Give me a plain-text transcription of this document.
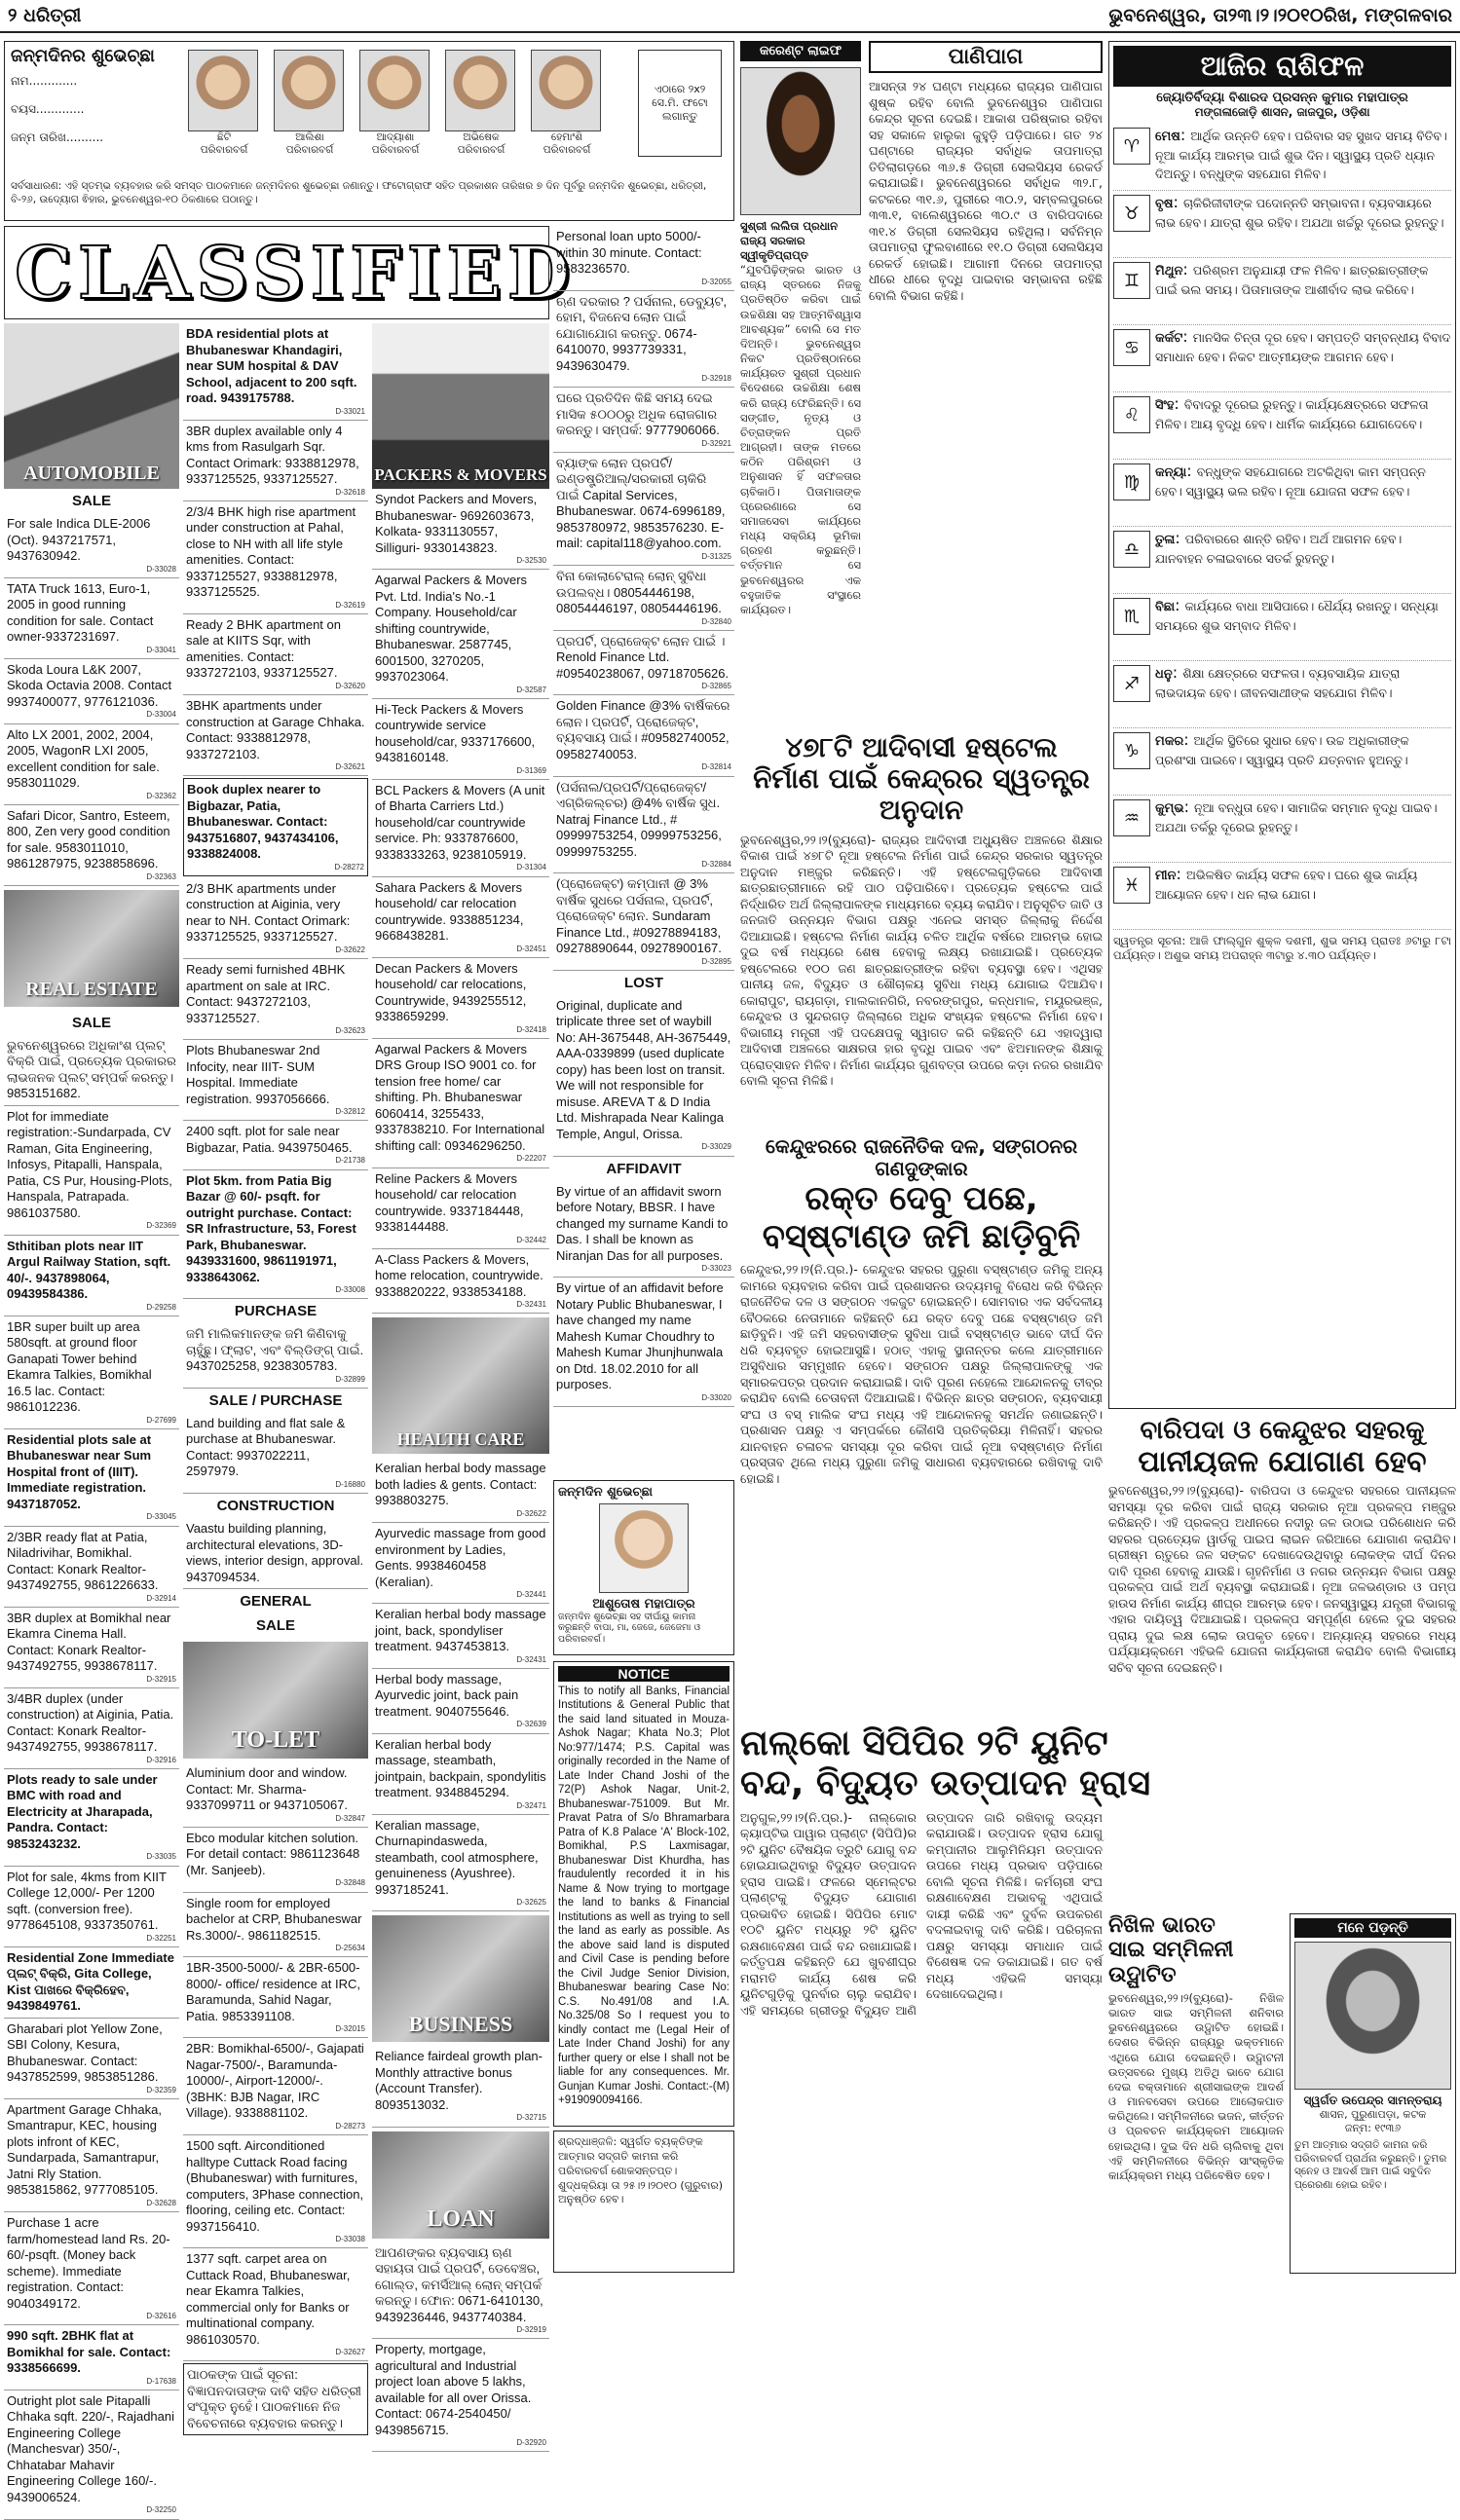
୨ ଧରିତ୍ରୀ	ଭୁବନେଶ୍ୱର, ତା୨୩।୨।୨୦୧୦ରିଖ, ମଙ୍ଗଳବାର
ଜନ୍ମଦିନର ଶୁଭେଚ୍ଛା
ନାମ.............
ବୟସ.............
ଜନ୍ମ ତାରିଖ..........	ଛିଟି
ପରିବାରବର୍ଗ
ଆଲିଶା
ପରିବାରବର୍ଗ
ଆଦ୍ୟାଶା
ପରିବାରବର୍ଗ
ଅଭିଷେକ
ପରିବାରବର୍ଗ
ହେମାଂଶି
ପରିବାରବର୍ଗ
ଏଠାରେ ୨x୨ ସେ.ମି. ଫଟୋ ଲଗାନ୍ତୁ
ସର୍ବସାଧାରଣ: ଏହି ସ୍ତମ୍ଭ ବ୍ୟବହାର କରି ସମସ୍ତ ପାଠକମାନେ ଜନ୍ମଦିନର ଶୁଭେଚ୍ଛା ଜଣାନ୍ତୁ। ଫଟୋଗ୍ରାଫ ସହିତ ପ୍ରକାଶନ ତାରିଖର ୭ ଦିନ ପୂର୍ବରୁ ଜନ୍ମଦିନ ଶୁଭେଚ୍ଛା, ଧରିତ୍ରୀ, ବି-୨୬, ଉଦ୍ୟୋଗ ଵିହାର, ଭୁବନେଶ୍ୱର-୧୦ ଠିକଣାରେ ପଠାନ୍ତୁ।
CLASSIFIED
AUTOMOBILE
SALE
For sale Indica DLE-2006 (Oct). 9437217571, 9437630942.
D-33028
TATA Truck 1613, Euro-1, 2005 in good running condition for sale. Contact owner-9337231697.
D-33041
Skoda Loura L&K 2007, Skoda Octavia 2008. Contact 9937400077, 9776121036.
D-33004
Alto LX 2001, 2002, 2004, 2005, WagonR LXI 2005, excellent condition for sale. 9583011029.
D-32362
Safari Dicor, Santro, Esteem, 800, Zen very good condition for sale. 9583011010, 9861287975, 9238858696.
D-32363
REAL ESTATE
SALE
ଭୁବନେଶ୍ୱରରେ ଅଧିକାଂଶ ପ୍ଲଟ୍ ବିକ୍ରି ପାଇଁ, ପ୍ରତ୍ୟେକ ପ୍ରକାରର ଲାଭଜନକ ପ୍ଲଟ୍ ସମ୍ପର୍କ କରନ୍ତୁ। 9853151682.
Plot for immediate registration:-Sundarpada, CV Raman, Gita Engineering, Infosys, Pitapalli, Hanspala, Patia, CS Pur, Housing-Plots, Hanspala, Patrapada. 9861037580.
D-32369
Sthitiban plots near IIT Argul Railway Station, sqft. 40/-. 9437898064, 09439584386.
D-29258
1BR super built up area 580sqft. at ground floor Ganapati Tower behind Ekamra Talkies, Bomikhal 16.5 lac. Contact: 9861012236.
D-27699
Residential plots sale at Bhubaneswar near Sum Hospital front of (IIIT). Immediate registration. 9437187052.
D-33045
2/3BR ready flat at Patia, Niladrivihar, Bomikhal. Contact: Konark Realtor-9437492755, 9861226633.
D-32914
3BR duplex at Bomikhal near Ekamra Cinema Hall. Contact: Konark Realtor-9437492755, 9938678117.
D-32915
3/4BR duplex (under construction) at Aiginia, Patia. Contact: Konark Realtor-9437492755, 9938678117.
D-32916
Plots ready to sale under BMC with road and Electricity at Jharapada, Pandra. Contact: 9853243232.
D-33035
Plot for sale, 4kms from KIIT College 12,000/- Per 1200 sqft. (conversion free). 9778645108, 9337350761.
D-32251
Residential Zone Immediate ପ୍ଲଟ୍ ବିକ୍ରି, Gita College, Kist ପାଖରେ ବିକ୍ରିହେବ, 9439849761.
Gharabari plot Yellow Zone, SBI Colony, Kesura, Bhubaneswar. Contact: 9437852599, 9853851286.
D-32359
Apartment Garage Chhaka, Smantrapur, KEC, housing plots infront of KEC, Sundarpada, Samantrapur, Jatni Rly Station. 9853815862, 9777085105.
D-32628
Purchase 1 acre farm/homestead land Rs. 20-60/-psqft. (Money back scheme). Immediate registration. Contact: 9040349172.
D-32616
990 sqft. 2BHK flat at Bomikhal for sale. Contact: 9338566699.
D-17638
Outright plot sale Pitapalli Chhaka sqft. 220/-, Rajadhani Engineering College (Manchesvar) 350/-, Chhatabar Mahavir Engineering College 160/-. 9439006524.
D-32250
BDA residential plots at Bhubaneswar Khandagiri, near SUM hospital & DAV School, adjacent to 200 sqft. road. 9439175788.
D-33021
3BR duplex available only 4 kms from Rasulgarh Sqr. Contact Orimark: 9338812978, 9337125525, 9337125527.
D-32618
2/3/4 BHK high rise apartment under construction at Pahal, close to NH with all life style amenities. Contact: 9337125527, 9338812978, 9337125525.
D-32619
Ready 2 BHK apartment on sale at KIITS Sqr, with amenities. Contact: 9337272103, 9337125527.
D-32620
3BHK apartments under construction at Garage Chhaka. Contact: 9338812978, 9337272103.
D-32621
Book duplex nearer to Bigbazar, Patia, Bhubaneswar. Contact: 9437516807, 9437434106, 9338824008.
D-28272
2/3 BHK apartments under construction at Aiginia, very near to NH. Contact Orimark: 9337125525, 9337125527.
D-32622
Ready semi furnished 4BHK apartment on sale at IRC. Contact: 9437272103, 9337125527.
D-32623
Plots Bhubaneswar 2nd Infocity, near IIIT- SUM Hospital. Immediate registration. 9937056666.
D-32812
2400 sqft. plot for sale near Bigbazar, Patia. 9439750465.
D-21738
Plot 5km. from Patia Big Bazar @ 60/- psqft. for outright purchase. Contact: SR Infrastructure, 53, Forest Park, Bhubaneswar. 9439331600, 9861191971, 9338643062.
D-33008
PURCHASE
ଜମି ମାଲିକମାନଙ୍କ ଜମି କିଣିବାକୁ ଚାହୁଁଛୁ। ଫ୍ଲାଟ, ଏବଂ ବିଲ୍ଡିଙ୍ଗ୍ ପାଇଁ. 9437025258, 9238305783.
D-32899
SALE / PURCHASE
Land building and flat sale & purchase at Bhubaneswar. Contact: 9937022211, 2597979.
D-16880
CONSTRUCTION
Vaastu building planning, architectural elevations, 3D-views, interior design, approval. 9437094534.
GENERAL
SALE
TO-LET
Aluminium door and window. Contact: Mr. Sharma-9337099711 or 9437105067.
D-32847
Ebco modular kitchen solution. For detail contact: 9861123648 (Mr. Sanjeeb).
D-32848
Single room for employed bachelor at CRP, Bhubaneswar Rs.3000/-. 9861182515.
D-25634
1BR-3500-5000/- & 2BR-6500-8000/- office/ residence at IRC, Baramunda, Sahid Nagar, Patia. 9853391108.
D-32015
2BR: Bomikhal-6500/-, Gajapati Nagar-7500/-, Baramunda-10000/-, Airport-12000/-. (3BHK: BJB Nagar, IRC Village). 9338881102.
D-28273
1500 sqft. Airconditioned halltype Cuttack Road facing (Bhubaneswar) with furnitures, computers, 3Phase connection, flooring, ceiling etc. Contact: 9937156410.
D-33038
1377 sqft. carpet area on Cuttack Road, Bhubaneswar, near Ekamra Talkies, commercial only for Banks or multinational company. 9861030570.
D-32627
ପାଠକଙ୍କ ପାଇଁ ସୂଚନା: ବିଜ୍ଞାପନଦାତାଙ୍କ ଦାବି ସହିତ ଧରିତ୍ରୀ ସଂପୃକ୍ତ ନୁହେଁ। ପାଠକମାନେ ନିଜ ବିବେଚନାରେ ବ୍ୟବହାର କରନ୍ତୁ।
PACKERS & MOVERS
Syndot Packers and Movers, Bhubaneswar- 9692603673, Kolkata- 9331130557, Silliguri- 9330143823.
D-32530
Agarwal Packers & Movers Pvt. Ltd. India's No.-1 Company. Household/car shifting countrywide, Bhubaneswar. 2587745, 6001500, 3270205, 9937023064.
D-32587
Hi-Teck Packers & Movers countrywide service household/car, 9337176600, 9438160148.
D-31369
BCL Packers & Movers (A unit of Bharta Carriers Ltd.) household/car countrywide service. Ph: 9337876600, 9338333263, 9238105919.
D-31304
Sahara Packers & Movers household/ car relocation countrywide. 9338851234, 9668438281.
D-32451
Decan Packers & Movers household/ car relocations, Countrywide, 9439255512, 9338659299.
D-32418
Agarwal Packers & Movers DRS Group ISO 9001 co. for tension free home/ car shifting. Ph. Bhubaneswar 6060414, 3255433, 9337838210. For International shifting call: 09346296250.
D-22207
Reline Packers & Movers household/ car relocation countrywide. 9337184448, 9338144488.
D-32442
A-Class Packers & Movers, home relocation, countrywide. 9338820222, 9338534188.
D-32431
HEALTH CARE
Keralian herbal body massage both ladies & gents. Contact: 9938803275.
D-32622
Ayurvedic massage from good environment by Ladies, Gents. 9938460458 (Keralian).
D-32441
Keralian herbal body massage joint, back, spondyliser treatment. 9437453813.
D-32431
Herbal body massage, Ayurvedic joint, back pain treatment. 9040755646.
D-32639
Keralian herbal body massage, steambath, jointpain, backpain, spondylitis treatment. 9348845294.
D-32471
Keralian massage, Churnapindasweda, steambath, cool atmosphere, genuineness (Ayushree). 9937185241.
D-32625
BUSINESS
Reliance fairdeal growth plan-Monthly attractive bonus (Account Transfer). 8093513032.
D-32715
LOAN
ଆପଣଙ୍କର ବ୍ୟବସାୟ ଋଣ ସହାୟତା ପାଇଁ ପ୍ରପର୍ଟି, ଡେବେଞ୍ଚର, ଗୋଲ୍ଡ, କମର୍ସିଆଲ୍ ଲୋନ୍ ସମ୍ପର୍କ କରନ୍ତୁ। ଫୋନ: 0671-6410130, 9439236446, 9437740384.
D-32919
Property, mortgage, agricultural and Industrial project loan above 5 lakhs, available for all over Orissa. Contact: 0674-2540450/ 9439856715.
D-32920
Personal loan upto 5000/- within 30 minute. Contact: 9583236570.
D-32055
ଋଣ ଦରକାର ? ପର୍ସନାଲ, ଡେବ୍ୟୁଟ, ହୋମ, ବିଜନେସ ଲୋନ ପାଇଁ ଯୋଗାଯୋଗ କରନ୍ତୁ. 0674-6410070, 9937739331, 9439630479.
D-32918
ଘରେ ପ୍ରତିଦିନ କିଛି ସମୟ ଦେଇ ମାସିକ ୫୦୦୦ରୁ ଅଧିକ ରୋଜଗାର କରନ୍ତୁ। ସମ୍ପର୍କ: 9777906066.
D-32921
ବ୍ୟାଙ୍କ ଲୋନ ପ୍ରପର୍ଟି/ଇଣ୍ଡଷ୍ଟ୍ରିଆଲ୍/ସରକାରୀ ଚାକିରି ପାଇଁ Capital Services, Bhubaneswar. 0674-6996189, 9853780972, 9853576230. E-mail: capital118@yahoo.com.
D-31325
ବିନା କୋଲାଟେରାଲ୍ ଲୋନ୍ ସୁବିଧା ଉପଲବ୍ଧ। 08054446198, 08054446197, 08054446196.
D-32840
ପ୍ରପର୍ଟି, ପ୍ରୋଜେକ୍ଟ ଲୋନ ପାଇଁ । Renold Finance Ltd. #09540238067, 09718705626.
D-32865
Golden Finance @3% ବାର୍ଷିକରେ ଲୋନ। ପ୍ରପର୍ଟି, ପ୍ରୋଜେକ୍ଟ, ବ୍ୟବସାୟ ପାଇଁ। #09582740052, 09582740053.
D-32814
(ପର୍ସନାଲ/ପ୍ରପର୍ଟି/ପ୍ରୋଜେକ୍ଟ/ଏଗ୍ରିକଲ୍ଚର) @4% ବାର୍ଷିକ ସୁଧ. Natraj Finance Ltd., # 09999753254, 09999753256, 09999753255.
D-32884
(ପ୍ରୋଜେକ୍ଟ) କମ୍ପାନୀ @ 3% ବାର୍ଷିକ ସୁଧରେ ପର୍ସନାଲ, ପ୍ରପର୍ଟି, ପ୍ରୋଜେକ୍ଟ ଲୋନ. Sundaram Finance Ltd., #09278894183, 09278890644, 09278900167.
D-32895
LOST
Original, duplicate and triplicate three set of waybill No: AH-3675448, AH-3675449, AAA-0339899 (used duplicate copy) has been lost on transit. We will not responsible for misuse. AREVA T & D India Ltd. Mishrapada Near Kalinga Temple, Angul, Orissa.
D-33029
AFFIDAVIT
By virtue of an affidavit sworn before Notary, BBSR. I have changed my surname Kandi to Das. I shall be known as Niranjan Das for all purposes.
D-33023
By virtue of an affidavit before Notary Public Bhubaneswar, I have changed my name Mahesh Kumar Choudhry to Mahesh Kumar Jhunjhunwala on Dtd. 18.02.2010 for all purposes.
D-33020
ଜନ୍ମଦିନ ଶୁଭେଚ୍ଛା
ଆଶୁତୋଷ ମହାପାତ୍ର
ଜନ୍ମଦିନ ଶୁଭେଚ୍ଛା ସହ ଦୀର୍ଘାୟୁ କାମନା କରୁଛନ୍ତି ବାପା, ମା, ଜେଜେ, ଜେଜେମା ଓ ପରିବାରବର୍ଗ।
NOTICE
This to notify all Banks, Financial Institutions & General Public that the said land situated in Mouza-Ashok Nagar; Khata No.3; Plot No:977/1474; P.S. Capital was originally recorded in the Name of Late Inder Chand Joshi of the 72(P) Ashok Nagar, Unit-2, Bhubaneswar-751009. But Mr. Pravat Patra of S/o Bhramarbara Patra of K.8 Palace 'A' Block-102, Bomikhal, P.S Laxmisagar, Bhubaneswar Dist Khurdha, has fraudulently recorded it in his Name & Now trying to mortgage the land to banks & Financial Institutions as well as trying to sell the land as early as possible. As the above said land is disputed and Civil Case is pending before the Civil Judge Senior Division, Bhubaneswar bearing Case No: C.S. No.491/08 and I.A. No.325/08 So I request you to kindly contact me (Legal Heir of Late Inder Chand Joshi) for any further query or else I shall not be liable for any consequences. Mr. Gunjan Kumar Joshi. Contact:-(M) +919090094166.
ଶ୍ରଦ୍ଧାଞ୍ଜଳି: ସ୍ୱର୍ଗତ ବ୍ୟକ୍ତିଙ୍କ ଆତ୍ମାର ସଦ୍ଗତି କାମନା କରି ପରିବାରବର୍ଗ ଶୋକସନ୍ତପ୍ତ। ଶୁଦ୍ଧକ୍ରିୟା ତା ୨୫।୨।୨୦୧୦ (ଗୁରୁବାର) ଅନୁଷ୍ଠିତ ହେବ।
କରେଣ୍ଟ ଲାଇଫ
ସୁଶ୍ରୀ ଲଲିତା ପ୍ରଧାନ ରାଜ୍ୟ ସରକାର ସ୍ୱୀକୃତିପ୍ରାପ୍ତ
“ଯୁବପିଢ଼ିଙ୍କର ଭାରତ ଓ ରାଜ୍ୟ ସ୍ତରରେ ନିଜକୁ ପ୍ରତିଷ୍ଠିତ କରିବା ପାଇଁ ଉଚ୍ଚଶିକ୍ଷା ସହ ଆତ୍ମବିଶ୍ୱାସ ଆବଶ୍ୟକ” ବୋଲି ସେ ମତ ଦିଅନ୍ତି। ଭୁବନେଶ୍ୱର ନିକଟ ପ୍ରତିଷ୍ଠାନରେ କାର୍ଯ୍ୟରତ ସୁଶ୍ରୀ ପ୍ରଧାନ ବିଦେଶରେ ଉଚ୍ଚଶିକ୍ଷା ଶେଷ କରି ରାଜ୍ୟ ଫେରିଛନ୍ତି। ସେ ସଙ୍ଗୀତ, ନୃତ୍ୟ ଓ ଚିତ୍ରାଙ୍କନ ପ୍ରତି ଆଗ୍ରହୀ। ତାଙ୍କ ମତରେ କଠିନ ପରିଶ୍ରମ ଓ ଅନୁଶାସନ ହିଁ ସଫଳତାର ଚାବିକାଠି। ପିତାମାତାଙ୍କ ପ୍ରେରଣାରେ ସେ ସମାଜସେବା କାର୍ଯ୍ୟରେ ମଧ୍ୟ ସକ୍ରିୟ ଭୂମିକା ଗ୍ରହଣ କରୁଛନ୍ତି। ବର୍ତ୍ତମାନ ସେ ଭୁବନେଶ୍ୱରର ଏକ ବହୁଜାତିକ ସଂସ୍ଥାରେ କାର୍ଯ୍ୟରତ।
ପାଣିପାଗ
ଆସନ୍ତା ୨୪ ଘଣ୍ଟା ମଧ୍ୟରେ ରାଜ୍ୟର ପାଣିପାଗ ଶୁଷ୍କ ରହିବ ବୋଲି ଭୁବନେଶ୍ୱର ପାଣିପାଗ କେନ୍ଦ୍ର ସୂଚନା ଦେଇଛି। ଆକାଶ ପରିଷ୍କାର ରହିବା ସହ ସକାଳେ ହାଲୁକା କୁହୁଡ଼ି ପଡ଼ିପାରେ। ଗତ ୨୪ ଘଣ୍ଟାରେ ରାଜ୍ୟର ସର୍ବାଧିକ ତାପମାତ୍ରା ତିତିଲାଗଡ଼ରେ ୩୬.୫ ଡିଗ୍ରୀ ସେଲସିୟସ ରେକର୍ଡ କରାଯାଇଛି। ଭୁବନେଶ୍ୱରରେ ସର୍ବାଧିକ ୩୨.୮, କଟକରେ ୩୧.୬, ପୁରୀରେ ୩୦.୨, ସମ୍ବଲପୁରରେ ୩୩.୧, ବାଲେଶ୍ୱରରେ ୩୦.୯ ଓ ବାରିପଦାରେ ୩୧.୪ ଡିଗ୍ରୀ ସେଲସିୟସ ରହିଥିଲା। ସର୍ବନିମ୍ନ ତାପମାତ୍ରା ଫୁଲବାଣୀରେ ୧୧.୦ ଡିଗ୍ରୀ ସେଲସିୟସ ରେକର୍ଡ ହୋଇଛି। ଆଗାମୀ ଦିନରେ ତାପମାତ୍ରା ଧୀରେ ଧୀରେ ବୃଦ୍ଧି ପାଇବାର ସମ୍ଭାବନା ରହିଛି ବୋଲି ବିଭାଗ କହିଛି।
୪୭୮ଟି ଆଦିବାସୀ ହଷ୍ଟେଲ
ନିର୍ମାଣ ପାଇଁ କେନ୍ଦ୍ରର ସ୍ୱତନ୍ତ୍ର ଅନୁଦାନ
ଭୁବନେଶ୍ୱର,୨୨।୨(ବ୍ୟୁରୋ)- ରାଜ୍ୟର ଆଦିବାସୀ ଅଧ୍ୟୁଷିତ ଅଞ୍ଚଳରେ ଶିକ୍ଷାର ବିକାଶ ପାଇଁ ୪୭୮ଟି ନୂଆ ହଷ୍ଟେଲ ନିର୍ମାଣ ପାଇଁ କେନ୍ଦ୍ର ସରକାର ସ୍ୱତନ୍ତ୍ର ଅନୁଦାନ ମଞ୍ଜୁର କରିଛନ୍ତି। ଏହି ହଷ୍ଟେଲଗୁଡ଼ିକରେ ଆଦିବାସୀ ଛାତ୍ରଛାତ୍ରୀମାନେ ରହି ପାଠ ପଢ଼ିପାରିବେ। ପ୍ରତ୍ୟେକ ହଷ୍ଟେଲ ପାଇଁ ନିର୍ଦ୍ଧାରିତ ଅର୍ଥ ଜିଲ୍ଲାପାଳଙ୍କ ମାଧ୍ୟମରେ ବ୍ୟୟ କରାଯିବ। ଅନୁସୂଚିତ ଜାତି ଓ ଜନଜାତି ଉନ୍ନୟନ ବିଭାଗ ପକ୍ଷରୁ ଏନେଇ ସମସ୍ତ ଜିଲ୍ଲାକୁ ନିର୍ଦ୍ଦେଶ ଦିଆଯାଇଛି। ହଷ୍ଟେଲ ନିର୍ମାଣ କାର୍ଯ୍ୟ ଚଳିତ ଆର୍ଥିକ ବର୍ଷରେ ଆରମ୍ଭ ହୋଇ ଦୁଇ ବର୍ଷ ମଧ୍ୟରେ ଶେଷ ହେବାକୁ ଲକ୍ଷ୍ୟ ରଖାଯାଇଛି। ପ୍ରତ୍ୟେକ ହଷ୍ଟେଲରେ ୧୦୦ ଜଣ ଛାତ୍ରଛାତ୍ରୀଙ୍କ ରହିବା ବ୍ୟବସ୍ଥା ହେବ। ଏଥିସହ ପାନୀୟ ଜଳ, ବିଦ୍ୟୁତ ଓ ଶୌଚାଳୟ ସୁବିଧା ମଧ୍ୟ ଯୋଗାଇ ଦିଆଯିବ। କୋରାପୁଟ, ରାୟଗଡ଼ା, ମାଲକାନଗିରି, ନବରଙ୍ଗପୁର, କନ୍ଧମାଳ, ମୟୂରଭଞ୍ଜ, କେନ୍ଦୁଝର ଓ ସୁନ୍ଦରଗଡ଼ ଜିଲ୍ଲାରେ ଅଧିକ ସଂଖ୍ୟକ ହଷ୍ଟେଲ ନିର୍ମାଣ ହେବ। ବିଭାଗୀୟ ମନ୍ତ୍ରୀ ଏହି ପଦକ୍ଷେପକୁ ସ୍ୱାଗତ କରି କହିଛନ୍ତି ଯେ ଏହାଦ୍ୱାରା ଆଦିବାସୀ ଅଞ୍ଚଳରେ ସାକ୍ଷରତା ହାର ବୃଦ୍ଧି ପାଇବ ଏବଂ ଝିଅମାନଙ୍କ ଶିକ୍ଷାକୁ ପ୍ରୋତ୍ସାହନ ମିଳିବ। ନିର୍ମାଣ କାର୍ଯ୍ୟର ଗୁଣବତ୍ତା ଉପରେ କଡ଼ା ନଜର ରଖାଯିବ ବୋଲି ସୂଚନା ମିଳିଛି।
କେନ୍ଦୁଝରରେ ରାଜନୈତିକ ଦଳ, ସଙ୍ଗଠନର ଗଣଦୁଙ୍କାର
ରକ୍ତ ଦେବୁ ପଛେ,
ବସ୍ଷ୍ଟାଣ୍ଡ ଜମି ଛାଡ଼ିବୁନି
କେନ୍ଦୁଝର,୨୨।୨(ନି.ପ୍ର.)- କେନ୍ଦୁଝର ସହରର ପୁରୁଣା ବସ୍ଷ୍ଟାଣ୍ଡ ଜମିକୁ ଅନ୍ୟ କାମରେ ବ୍ୟବହାର କରିବା ପାଇଁ ପ୍ରଶାସନର ଉଦ୍ୟମକୁ ବିରୋଧ କରି ବିଭିନ୍ନ ରାଜନୈତିକ ଦଳ ଓ ସଙ୍ଗଠନ ଏକଜୁଟ ହୋଇଛନ୍ତି। ସୋମବାର ଏକ ସର୍ବଦଳୀୟ ବୈଠକରେ ନେତାମାନେ କହିଛନ୍ତି ଯେ ରକ୍ତ ଦେବୁ ପଛେ ବସ୍ଷ୍ଟାଣ୍ଡ ଜମି ଛାଡ଼ିବୁନି। ଏହି ଜମି ସହରବାସୀଙ୍କ ସୁବିଧା ପାଇଁ ବସ୍ଷ୍ଟାଣ୍ଡ ଭାବେ ଦୀର୍ଘ ଦିନ ଧରି ବ୍ୟବହୃତ ହୋଇଆସୁଛି। ହଠାତ୍ ଏହାକୁ ସ୍ଥାନାନ୍ତର କଲେ ଯାତ୍ରୀମାନେ ଅସୁବିଧାର ସମ୍ମୁଖୀନ ହେବେ। ସଙ୍ଗଠନ ପକ୍ଷରୁ ଜିଲ୍ଲାପାଳଙ୍କୁ ଏକ ସ୍ମାରକପତ୍ର ପ୍ରଦାନ କରାଯାଇଛି। ଦାବି ପୂରଣ ନହେଲେ ଆନ୍ଦୋଳନକୁ ତୀବ୍ର କରାଯିବ ବୋଲି ଚେତାବନୀ ଦିଆଯାଇଛି। ବିଭିନ୍ନ ଛାତ୍ର ସଙ୍ଗଠନ, ବ୍ୟବସାୟୀ ସଂଘ ଓ ବସ୍ ମାଲିକ ସଂଘ ମଧ୍ୟ ଏହି ଆନ୍ଦୋଳନକୁ ସମର୍ଥନ ଜଣାଇଛନ୍ତି। ପ୍ରଶାସନ ପକ୍ଷରୁ ଏ ସମ୍ପର୍କରେ କୌଣସି ପ୍ରତିକ୍ରିୟା ମିଳିନାହିଁ। ସହରର ଯାନବାହନ ଚଳାଚଳ ସମସ୍ୟା ଦୂର କରିବା ପାଇଁ ନୂଆ ବସ୍ଷ୍ଟାଣ୍ଡ ନିର୍ମାଣ ପ୍ରସ୍ତାବ ଥିଲେ ମଧ୍ୟ ପୁରୁଣା ଜମିକୁ ସାଧାରଣ ବ୍ୟବହାରରେ ରଖିବାକୁ ଦାବି ହୋଇଛି।
ନାଲ୍କୋ ସିପିପିର ୨ଟି ୟୁନିଟ
ବନ୍ଦ, ବିଦ୍ୟୁତ ଉତ୍ପାଦନ ହ୍ରାସ
ଅନୁଗୁଳ,୨୨।୨(ନି.ପ୍ର.)- ନାଲ୍କୋର କ୍ୟାପ୍ଟିଭ ପାୱାର ପ୍ଲାଣ୍ଟ (ସିପିପି)ର ୨ଟି ୟୁନିଟ ବୈଷୟିକ ତ୍ରୁଟି ଯୋଗୁ ବନ୍ଦ ହୋଇଯାଇଥିବାରୁ ବିଦ୍ୟୁତ ଉତ୍ପାଦନ ହ୍ରାସ ପାଇଛି। ଫଳରେ ସ୍ମେଲ୍ଟର ପ୍ଲାଣ୍ଟକୁ ବିଦ୍ୟୁତ ଯୋଗାଣ ପ୍ରଭାବିତ ହୋଇଛି। ସିପିପିର ମୋଟ ୧୦ଟି ୟୁନିଟ ମଧ୍ୟରୁ ୨ଟି ୟୁନିଟ ରକ୍ଷଣାବେକ୍ଷଣ ପାଇଁ ବନ୍ଦ ରଖାଯାଇଛି। କର୍ତ୍ତୃପକ୍ଷ କହିଛନ୍ତି ଯେ ଖୁବଶୀଘ୍ର ମରାମତି କାର୍ଯ୍ୟ ଶେଷ କରି ୟୁନିଟଗୁଡ଼ିକୁ ପୁନର୍ବାର ଚାଲୁ କରାଯିବ। ଏହି ସମୟରେ ଗ୍ରୀଡରୁ ବିଦ୍ୟୁତ ଆଣି ଉତ୍ପାଦନ ଜାରି ରଖିବାକୁ ଉଦ୍ୟମ କରାଯାଉଛି। ଉତ୍ପାଦନ ହ୍ରାସ ଯୋଗୁ କମ୍ପାନୀର ଆଲୁମିନିୟମ ଉତ୍ପାଦନ ଉପରେ ମଧ୍ୟ ପ୍ରଭାବ ପଡ଼ିପାରେ ବୋଲି ସୂଚନା ମିଳିଛି। କର୍ମଚାରୀ ସଂଘ ରକ୍ଷଣାବେକ୍ଷଣ ଅଭାବକୁ ଏଥିପାଇଁ ଦାୟୀ କରିଛି ଏବଂ ଦୁର୍ବଳ ଉପକରଣ ବଦଳାଇବାକୁ ଦାବି କରିଛି। ପରିଚାଳନା ପକ୍ଷରୁ ସମସ୍ୟା ସମାଧାନ ପାଇଁ ବିଶେଷଜ୍ଞ ଦଳ ଡକାଯାଇଛି। ଗତ ବର୍ଷ ମଧ୍ୟ ଏହିଭଳି ସମସ୍ୟା ଦେଖାଦେଇଥିଲା।
ଆଜିର ରାଶିଫଳ
ଜ୍ୟୋତିର୍ବିଦ୍ୟା ବିଶାରଦ ପ୍ରସନ୍ନ କୁମାର ମହାପାତ୍ର
ମଙ୍ଗଳାଜୋଡ଼ି ଶାସନ, ଜାଜପୁର, ଓଡ଼ିଶା
♈	ମେଷ: ଆର୍ଥିକ ଉନ୍ନତି ହେବ। ପରିବାର ସହ ସୁଖଦ ସମୟ ବିତିବ। ନୂଆ କାର୍ଯ୍ୟ ଆରମ୍ଭ ପାଇଁ ଶୁଭ ଦିନ। ସ୍ୱାସ୍ଥ୍ୟ ପ୍ରତି ଧ୍ୟାନ ଦିଅନ୍ତୁ। ବନ୍ଧୁଙ୍କ ସହଯୋଗ ମିଳିବ।
♉	ବୃଷ: ଚାକିରିଜୀବୀଙ୍କ ପଦୋନ୍ନତି ସମ୍ଭାବନା। ବ୍ୟବସାୟରେ ଲାଭ ହେବ। ଯାତ୍ରା ଶୁଭ ରହିବ। ଅଯଥା ଖର୍ଚ୍ଚରୁ ଦୂରେଇ ରୁହନ୍ତୁ।
♊	ମିଥୁନ: ପରିଶ୍ରମ ଅନୁଯାୟୀ ଫଳ ମିଳିବ। ଛାତ୍ରଛାତ୍ରୀଙ୍କ ପାଇଁ ଭଲ ସମୟ। ପିତାମାତାଙ୍କ ଆଶୀର୍ବାଦ ଲାଭ କରିବେ।
♋	କର୍କଟ: ମାନସିକ ଚିନ୍ତା ଦୂର ହେବ। ସମ୍ପତ୍ତି ସମ୍ବନ୍ଧୀୟ ବିବାଦ ସମାଧାନ ହେବ। ନିକଟ ଆତ୍ମୀୟଙ୍କ ଆଗମନ ହେବ।
♌	ସିଂହ: ବିବାଦରୁ ଦୂରେଇ ରୁହନ୍ତୁ। କାର୍ଯ୍ୟକ୍ଷେତ୍ରରେ ସଫଳତା ମିଳିବ। ଆୟ ବୃଦ୍ଧି ହେବ। ଧାର୍ମିକ କାର୍ଯ୍ୟରେ ଯୋଗଦେବେ।
♍	କନ୍ୟା: ବନ୍ଧୁଙ୍କ ସହଯୋଗରେ ଅଟକିଥିବା କାମ ସମ୍ପନ୍ନ ହେବ। ସ୍ୱାସ୍ଥ୍ୟ ଭଲ ରହିବ। ନୂଆ ଯୋଜନା ସଫଳ ହେବ।
♎	ତୁଳା: ପରିବାରରେ ଶାନ୍ତି ରହିବ। ଅର୍ଥ ଆଗମନ ହେବ। ଯାନବାହନ ଚଳାଇବାରେ ସତର୍କ ରୁହନ୍ତୁ।
♏	ବିଛା: କାର୍ଯ୍ୟରେ ବାଧା ଆସିପାରେ। ଧୈର୍ଯ୍ୟ ରଖନ୍ତୁ। ସନ୍ଧ୍ୟା ସମୟରେ ଶୁଭ ସମ୍ବାଦ ମିଳିବ।
♐	ଧନୁ: ଶିକ୍ଷା କ୍ଷେତ୍ରରେ ସଫଳତା। ବ୍ୟବସାୟିକ ଯାତ୍ରା ଲାଭଦାୟକ ହେବ। ଜୀବନସାଥୀଙ୍କ ସହଯୋଗ ମିଳିବ।
♑	ମକର: ଆର୍ଥିକ ସ୍ଥିତିରେ ସୁଧାର ହେବ। ଉଚ୍ଚ ଅଧିକାରୀଙ୍କ ପ୍ରଶଂସା ପାଇବେ। ସ୍ୱାସ୍ଥ୍ୟ ପ୍ରତି ଯତ୍ନବାନ ହୁଅନ୍ତୁ।
♒	କୁମ୍ଭ: ନୂଆ ବନ୍ଧୁତା ହେବ। ସାମାଜିକ ସମ୍ମାନ ବୃଦ୍ଧି ପାଇବ। ଅଯଥା ତର୍କରୁ ଦୂରେଇ ରୁହନ୍ତୁ।
♓	ମୀନ: ଅଭିଳଷିତ କାର୍ଯ୍ୟ ସଫଳ ହେବ। ଘରେ ଶୁଭ କାର୍ଯ୍ୟ ଆୟୋଜନ ହେବ। ଧନ ଲାଭ ଯୋଗ।
ସ୍ୱତନ୍ତ୍ର ସୂଚନା: ଆଜି ଫାଲ୍ଗୁନ ଶୁକ୍ଳ ଦଶମୀ, ଶୁଭ ସମୟ ପ୍ରାତଃ ୬ଟାରୁ ୮ଟା ପର୍ଯ୍ୟନ୍ତ। ଅଶୁଭ ସମୟ ଅପରାହ୍ନ ୩ଟାରୁ ୪.୩୦ ପର୍ଯ୍ୟନ୍ତ।
ବାରିପଦା ଓ କେନ୍ଦୁଝର ସହରକୁ
ପାନୀୟଜଳ ଯୋଗାଣ ହେବ
ଭୁବନେଶ୍ୱର,୨୨।୨(ବ୍ୟୁରୋ)- ବାରିପଦା ଓ କେନ୍ଦୁଝର ସହରରେ ପାନୀୟଜଳ ସମସ୍ୟା ଦୂର କରିବା ପାଇଁ ରାଜ୍ୟ ସରକାର ନୂଆ ପ୍ରକଳ୍ପ ମଞ୍ଜୁର କରିଛନ୍ତି। ଏହି ପ୍ରକଳ୍ପ ଅଧୀନରେ ନଦୀରୁ ଜଳ ଉଠାଇ ପରିଶୋଧନ କରି ସହରର ପ୍ରତ୍ୟେକ ୱାର୍ଡକୁ ପାଇପ ଲାଇନ ଜରିଆରେ ଯୋଗାଣ କରାଯିବ। ଗ୍ରୀଷ୍ମ ଋତୁରେ ଜଳ ସଙ୍କଟ ଦେଖାଦେଉଥିବାରୁ ଲୋକଙ୍କ ଦୀର୍ଘ ଦିନର ଦାବି ପୂରଣ ହେବାକୁ ଯାଉଛି। ଗୃହନିର୍ମାଣ ଓ ନଗର ଉନ୍ନୟନ ବିଭାଗ ପକ୍ଷରୁ ପ୍ରକଳ୍ପ ପାଇଁ ଅର୍ଥ ବ୍ୟବସ୍ଥା କରାଯାଇଛି। ନୂଆ ଜଳଭଣ୍ଡାର ଓ ପମ୍ପ ହାଉସ ନିର୍ମାଣ କାର୍ଯ୍ୟ ଶୀଘ୍ର ଆରମ୍ଭ ହେବ। ଜନସ୍ୱାସ୍ଥ୍ୟ ଯନ୍ତ୍ରୀ ବିଭାଗକୁ ଏହାର ଦାୟିତ୍ୱ ଦିଆଯାଇଛି। ପ୍ରକଳ୍ପ ସମ୍ପୂର୍ଣ୍ଣ ହେଲେ ଦୁଇ ସହରର ପ୍ରାୟ ଦୁଇ ଲକ୍ଷ ଲୋକ ଉପକୃତ ହେବେ। ଅନ୍ୟାନ୍ୟ ସହରରେ ମଧ୍ୟ ପର୍ଯ୍ୟାୟକ୍ରମେ ଏହିଭଳି ଯୋଜନା କାର୍ଯ୍ୟକାରୀ କରାଯିବ ବୋଲି ବିଭାଗୀୟ ସଚିବ ସୂଚନା ଦେଇଛନ୍ତି।
ନିଖିଳ ଭାରତ
ସାଇ ସମ୍ମିଳନୀ
ଉଦ୍ଘାଟିତ
ଭୁବନେଶ୍ୱର,୨୨।୨(ବ୍ୟୁରୋ)- ନିଖିଳ ଭାରତ ସାଇ ସମ୍ମିଳନୀ ଶନିବାର ଭୁବନେଶ୍ୱରରେ ଉଦ୍ଘାଟିତ ହୋଇଛି। ଦେଶର ବିଭିନ୍ନ ରାଜ୍ୟରୁ ଭକ୍ତମାନେ ଏଥିରେ ଯୋଗ ଦେଇଛନ୍ତି। ଉଦ୍ଘାଟନୀ ଉତ୍ସବରେ ମୁଖ୍ୟ ଅତିଥି ଭାବେ ଯୋଗ ଦେଇ ବକ୍ତାମାନେ ଶ୍ରୀସାଇଙ୍କ ଆଦର୍ଶ ଓ ମାନବସେବା ଉପରେ ଆଲୋକପାତ କରିଥିଲେ। ସମ୍ମିଳନୀରେ ଭଜନ, କୀର୍ତ୍ତନ ଓ ପ୍ରବଚନ କାର୍ଯ୍ୟକ୍ରମ ଆୟୋଜନ ହୋଇଥିଲା। ଦୁଇ ଦିନ ଧରି ଚାଲିବାକୁ ଥିବା ଏହି ସମ୍ମିଳନୀରେ ବିଭିନ୍ନ ସାଂସ୍କୃତିକ କାର୍ଯ୍ୟକ୍ରମ ମଧ୍ୟ ପରିବେଷିତ ହେବ।
ମନେ ପଡ଼ନ୍ତି
ସ୍ୱର୍ଗତ ଉପେନ୍ଦ୍ର ସାମନ୍ତରାୟ
ଶାସନ, ପୁରୁଣାପଡ଼ା, କଟକ
ଜନ୍ମ: ୧୯୩୬
ତୁମ ଆତ୍ମାର ସଦ୍ଗତି କାମନା କରି ପରିବାରବର୍ଗ ପ୍ରାର୍ଥନା କରୁଛନ୍ତି। ତୁମର ସ୍ନେହ ଓ ଆଦର୍ଶ ଆମ ପାଇଁ ସବୁଦିନ ପ୍ରେରଣା ହୋଇ ରହିବ।
